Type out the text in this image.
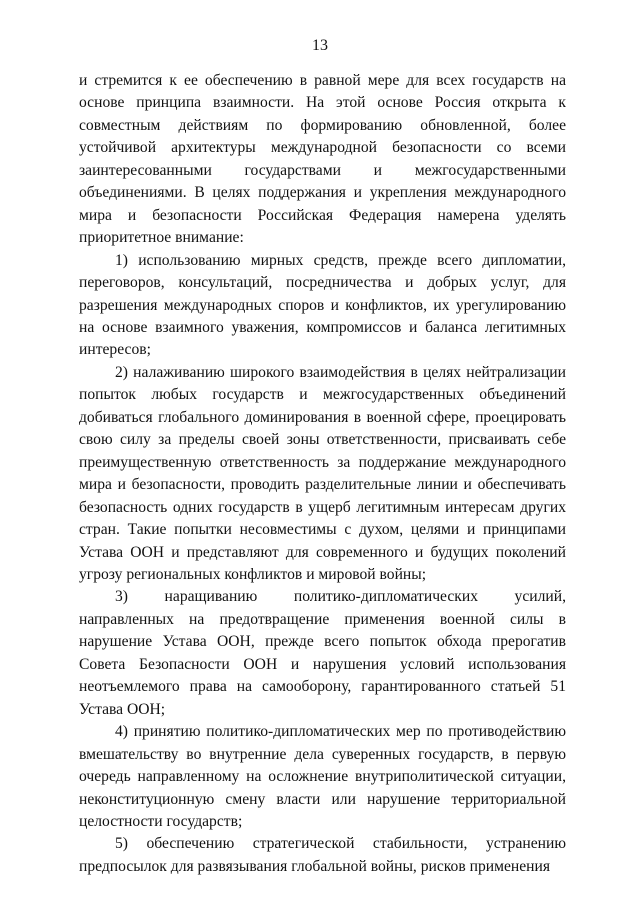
13

и стремится к ее обеспечению в равной мере для всех государств на основе принципа взаимности. На этой основе Россия открыта к совместным действиям по формированию обновленной, более устойчивой архитектуры международной безопасности со всеми заинтересованными государствами и межгосударственными объединениями. В целях поддержания и укрепления международного мира и безопасности Российская Федерация намерена уделять приоритетное внимание:

1) использованию мирных средств, прежде всего дипломатии, переговоров, консультаций, посредничества и добрых услуг, для разрешения международных споров и конфликтов, их урегулированию на основе взаимного уважения, компромиссов и баланса легитимных интересов;

2) налаживанию широкого взаимодействия в целях нейтрализации попыток любых государств и межгосударственных объединений добиваться глобального доминирования в военной сфере, проецировать свою силу за пределы своей зоны ответственности, присваивать себе преимущественную ответственность за поддержание международного мира и безопасности, проводить разделительные линии и обеспечивать безопасность одних государств в ущерб легитимным интересам других стран. Такие попытки несовместимы с духом, целями и принципами Устава ООН и представляют для современного и будущих поколений угрозу региональных конфликтов и мировой войны;

3) наращиванию политико-дипломатических усилий, направленных на предотвращение применения военной силы в нарушение Устава ООН, прежде всего попыток обхода прерогатив Совета Безопасности ООН и нарушения условий использования неотъемлемого права на самооборону, гарантированного статьей 51 Устава ООН;

4) принятию политико-дипломатических мер по противодействию вмешательству во внутренние дела суверенных государств, в первую очередь направленному на осложнение внутриполитической ситуации, неконституционную смену власти или нарушение территориальной целостности государств;

5) обеспечению стратегической стабильности, устранению предпосылок для развязывания глобальной войны, рисков применения
